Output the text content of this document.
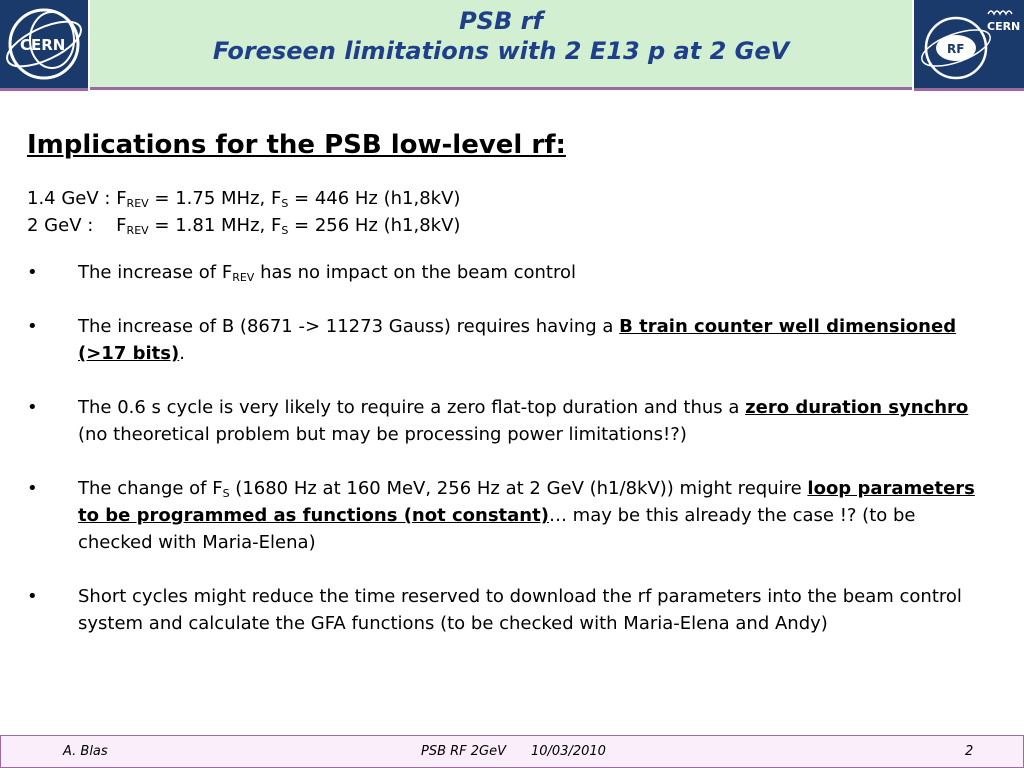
CERN
PSB rf
Foreseen limitations with 2 E13 p at 2 GeV	RF
CERN
Implications for the PSB low-level rf:
1.4 GeV : $F_{REV} = 1.75$ MHz, $F_S = 446$ Hz (h1,8kV)
2 GeV :    $F_{REV} = 1.81$ MHz, $F_S = 256$ Hz (h1,8kV)
•	The increase of $F_{REV}$ has no impact on the beam control
•	The increase of B (8671 -> 11273 Gauss) requires having a B train counter well dimensioned (>17 bits).
•	The 0.6 s cycle is very likely to require a zero flat-top duration and thus a zero duration synchro (no theoretical problem but may be processing power limitations!?)
•	The change of $F_S$ (1680 Hz at 160 MeV, 256 Hz at 2 GeV (h1/8kV)) might require loop parameters to be programmed as functions (not constant)… may be this already the case !? (to be checked with Maria-Elena)
•	Short cycles might reduce the time reserved to download the rf parameters into the beam control system and calculate the GFA functions (to be checked with Maria-Elena and Andy)
A. Blas	PSB RF 2GeV 10/03/2010	2
